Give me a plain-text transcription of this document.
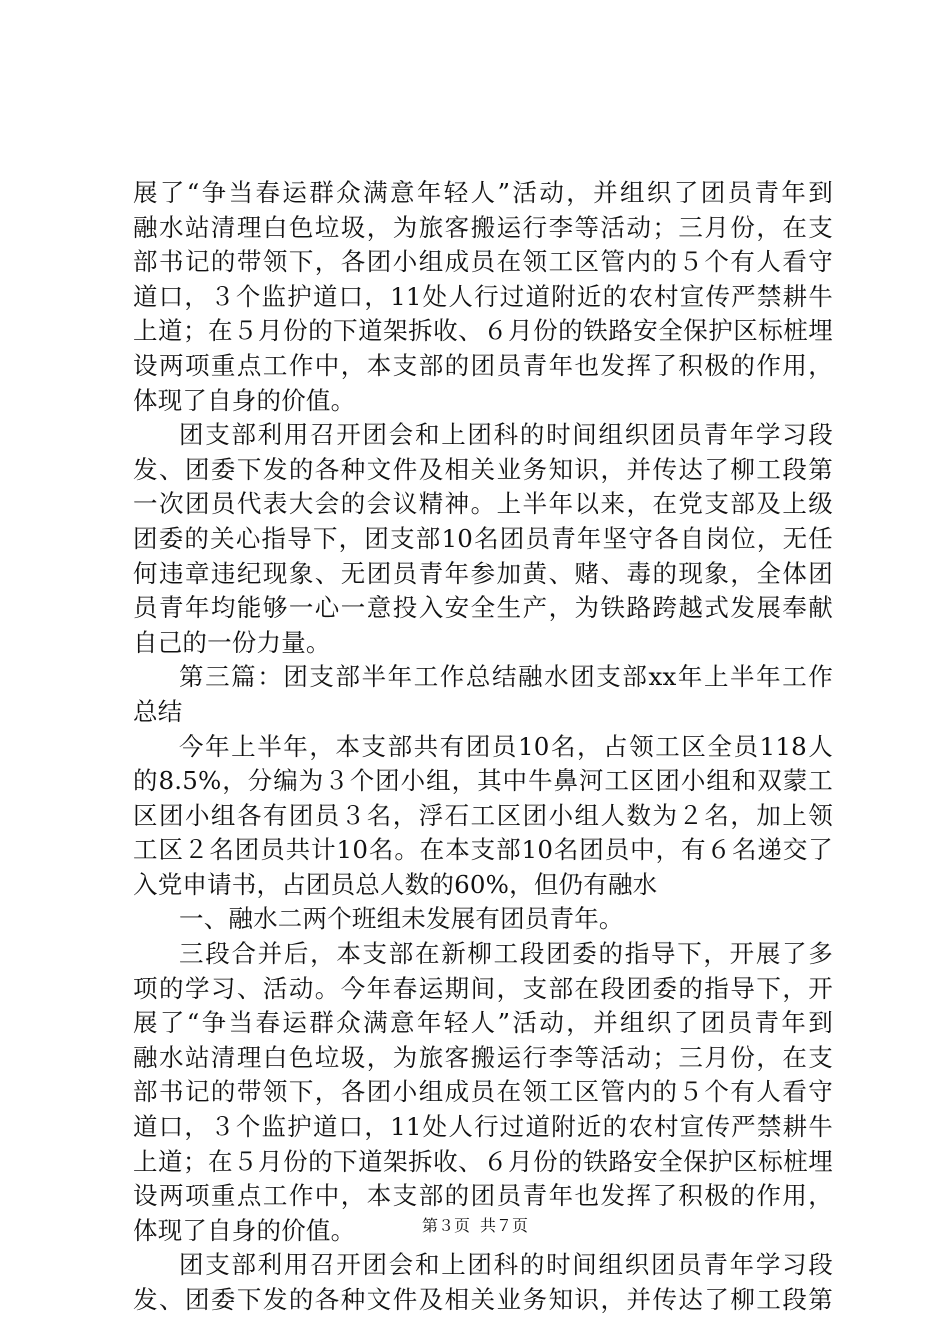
展了“争当春运群众满意年轻人”活动，并组织了团员青年到
融水站清理白色垃圾，为旅客搬运行李等活动；三月份，在支
部书记的带领下，各团小组成员在领工区管内的５个有人看守
道口，３个监护道口，11处人行过道附近的农村宣传严禁耕牛
上道；在５月份的下道架拆收、６月份的铁路安全保护区标桩埋
设两项重点工作中，本支部的团员青年也发挥了积极的作用，
体现了自身的价值。
团支部利用召开团会和上团科的时间组织团员青年学习段
发、团委下发的各种文件及相关业务知识，并传达了柳工段第
一次团员代表大会的会议精神。上半年以来，在党支部及上级
团委的关心指导下，团支部10名团员青年坚守各自岗位，无任
何违章违纪现象、无团员青年参加黄、赌、毒的现象，全体团
员青年均能够一心一意投入安全生产，为铁路跨越式发展奉献
自己的一份力量。
第三篇：团支部半年工作总结融水团支部xx年上半年工作
总结
今年上半年，本支部共有团员10名，占领工区全员118人
的8.5%，分编为３个团小组，其中牛鼻河工区团小组和双蒙工
区团小组各有团员３名，浮石工区团小组人数为２名，加上领
工区２名团员共计10名。在本支部10名团员中，有６名递交了
入党申请书，占团员总人数的60%，但仍有融水
一、融水二两个班组未发展有团员青年。
三段合并后，本支部在新柳工段团委的指导下，开展了多
项的学习、活动。今年春运期间，支部在段团委的指导下，开
展了“争当春运群众满意年轻人”活动，并组织了团员青年到
融水站清理白色垃圾，为旅客搬运行李等活动；三月份，在支
部书记的带领下，各团小组成员在领工区管内的５个有人看守
道口，３个监护道口，11处人行过道附近的农村宣传严禁耕牛
上道；在５月份的下道架拆收、６月份的铁路安全保护区标桩埋
设两项重点工作中，本支部的团员青年也发挥了积极的作用，
体现了自身的价值。
团支部利用召开团会和上团科的时间组织团员青年学习段
发、团委下发的各种文件及相关业务知识，并传达了柳工段第
第３页 共７页
